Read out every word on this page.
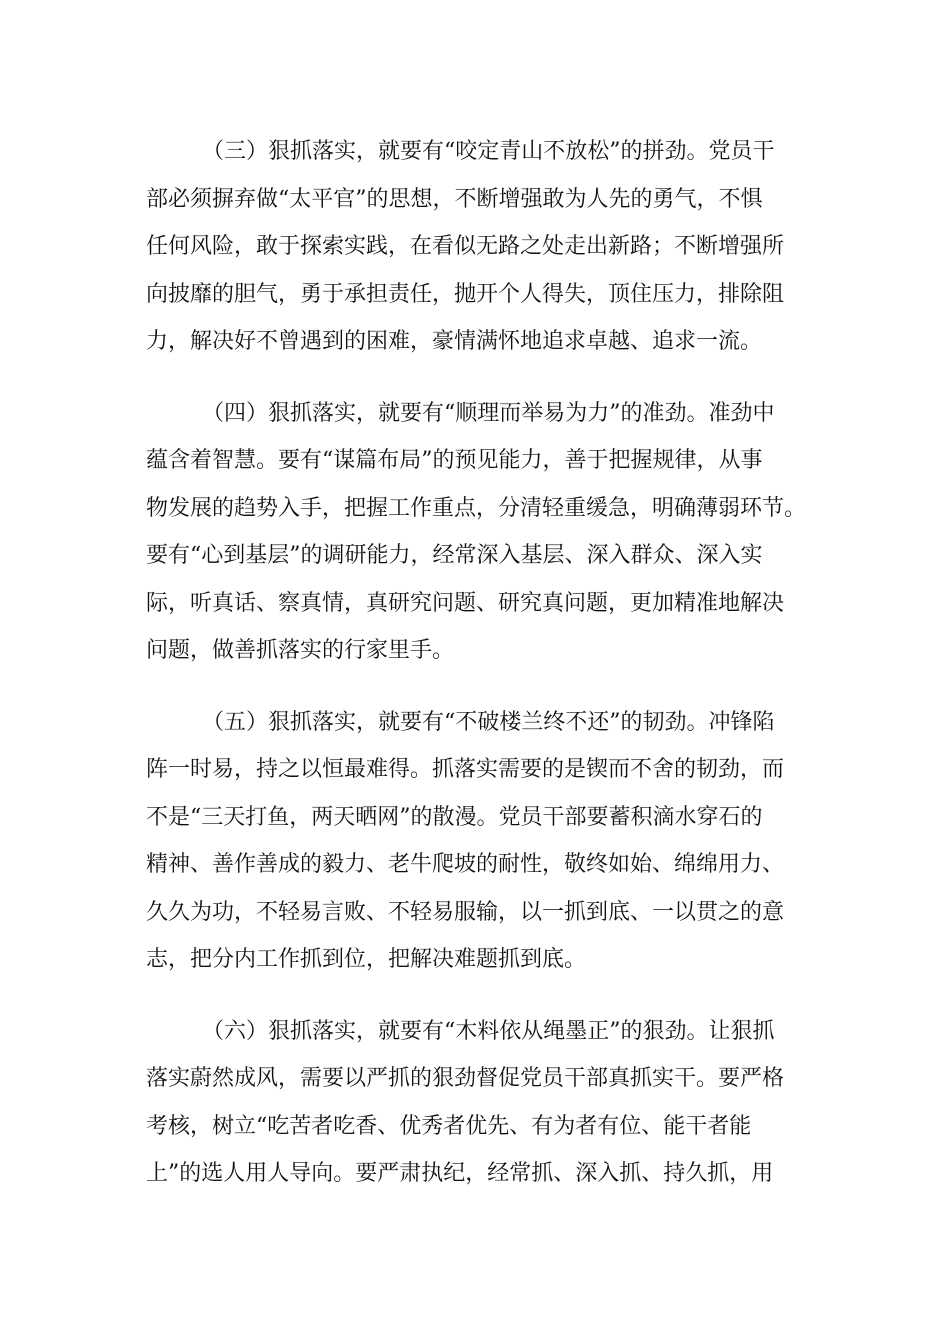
（三）狠抓落实，就要有“咬定青山不放松”的拼劲。党员干
部必须摒弃做“太平官”的思想，不断增强敢为人先的勇气，不惧
任何风险，敢于探索实践，在看似无路之处走出新路；不断增强所
向披靡的胆气，勇于承担责任，抛开个人得失，顶住压力，排除阻
力，解决好不曾遇到的困难，豪情满怀地追求卓越、追求一流。
（四）狠抓落实，就要有“顺理而举易为力”的准劲。准劲中
蕴含着智慧。要有“谋篇布局”的预见能力，善于把握规律，从事
物发展的趋势入手，把握工作重点，分清轻重缓急，明确薄弱环节。
要有“心到基层”的调研能力，经常深入基层、深入群众、深入实
际，听真话、察真情，真研究问题、研究真问题，更加精准地解决
问题，做善抓落实的行家里手。
（五）狠抓落实，就要有“不破楼兰终不还”的韧劲。冲锋陷
阵一时易，持之以恒最难得。抓落实需要的是锲而不舍的韧劲，而
不是“三天打鱼，两天晒网”的散漫。党员干部要蓄积滴水穿石的
精神、善作善成的毅力、老牛爬坡的耐性，敬终如始、绵绵用力、
久久为功，不轻易言败、不轻易服输，以一抓到底、一以贯之的意
志，把分内工作抓到位，把解决难题抓到底。
（六）狠抓落实，就要有“木料依从绳墨正”的狠劲。让狠抓
落实蔚然成风，需要以严抓的狠劲督促党员干部真抓实干。要严格
考核，树立“吃苦者吃香、优秀者优先、有为者有位、能干者能
上”的选人用人导向。要严肃执纪，经常抓、深入抓、持久抓，用
